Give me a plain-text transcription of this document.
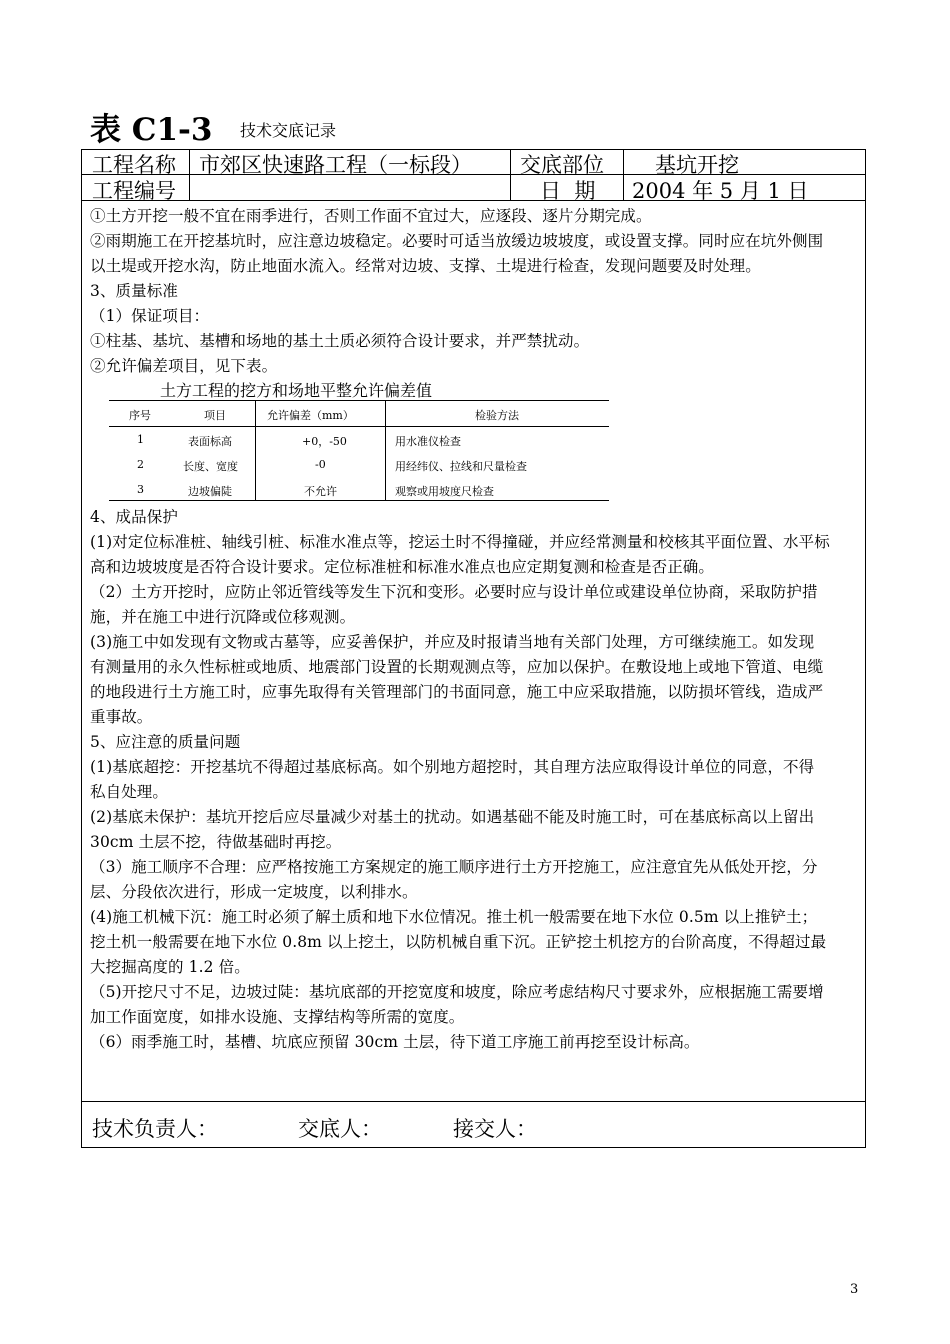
表 C1-3 技术交底记录
工程名称 市郊区快速路工程（一标段） 交底部位 基坑开挖
工程编号	日  期 2004 年 5 月 1 日
①土方开挖一般不宜在雨季进行，否则工作面不宜过大，应逐段、逐片分期完成。
②雨期施工在开挖基坑时，应注意边坡稳定。必要时可适当放缓边坡坡度，或设置支撑。同时应在坑外侧围
以土堤或开挖水沟，防止地面水流入。经常对边坡、支撑、土堤进行检查，发现问题要及时处理。
3、质量标准
（1）保证项目：
①柱基、基坑、基槽和场地的基土土质必须符合设计要求，并严禁扰动。
②允许偏差项目，见下表。
土方工程的挖方和场地平整允许偏差值
序号	项目	允许偏差（mm）	检验方法
1	表面标高	+0，-50	用水准仪检查
2	长度、宽度	-0	用经纬仪、拉线和尺量检查
3	边坡偏陡	不允许	观察或用坡度尺检查
4、成品保护
(1)对定位标准桩、轴线引桩、标准水准点等，挖运土时不得撞碰，并应经常测量和校核其平面位置、水平标
高和边坡坡度是否符合设计要求。定位标准桩和标准水准点也应定期复测和检查是否正确。
（2）土方开挖时，应防止邻近管线等发生下沉和变形。必要时应与设计单位或建设单位协商，采取防护措
施，并在施工中进行沉降或位移观测。
(3)施工中如发现有文物或古墓等，应妥善保护，并应及时报请当地有关部门处理，方可继续施工。如发现
有测量用的永久性标桩或地质、地震部门设置的长期观测点等，应加以保护。在敷设地上或地下管道、电缆
的地段进行土方施工时，应事先取得有关管理部门的书面同意，施工中应采取措施，以防损坏管线，造成严
重事故。
5、应注意的质量问题
(1)基底超挖：开挖基坑不得超过基底标高。如个别地方超挖时，其自理方法应取得设计单位的同意，不得
私自处理。
(2)基底未保护：基坑开挖后应尽量减少对基土的扰动。如遇基础不能及时施工时，可在基底标高以上留出
30cm 土层不挖，待做基础时再挖。
（3）施工顺序不合理：应严格按施工方案规定的施工顺序进行土方开挖施工，应注意宜先从低处开挖，分
层、分段依次进行，形成一定坡度，以利排水。
(4)施工机械下沉：施工时必须了解土质和地下水位情况。推土机一般需要在地下水位 0.5m 以上推铲土；
挖土机一般需要在地下水位 0.8m 以上挖土，以防机械自重下沉。正铲挖土机挖方的台阶高度，不得超过最
大挖掘高度的 1.2 倍。
（5)开挖尺寸不足，边坡过陡：基坑底部的开挖宽度和坡度，除应考虑结构尺寸要求外，应根据施工需要增
加工作面宽度，如排水设施、支撑结构等所需的宽度。
（6）雨季施工时，基槽、坑底应预留 30cm 土层，待下道工序施工前再挖至设计标高。
技术负责人：	交底人：	接交人：
3
